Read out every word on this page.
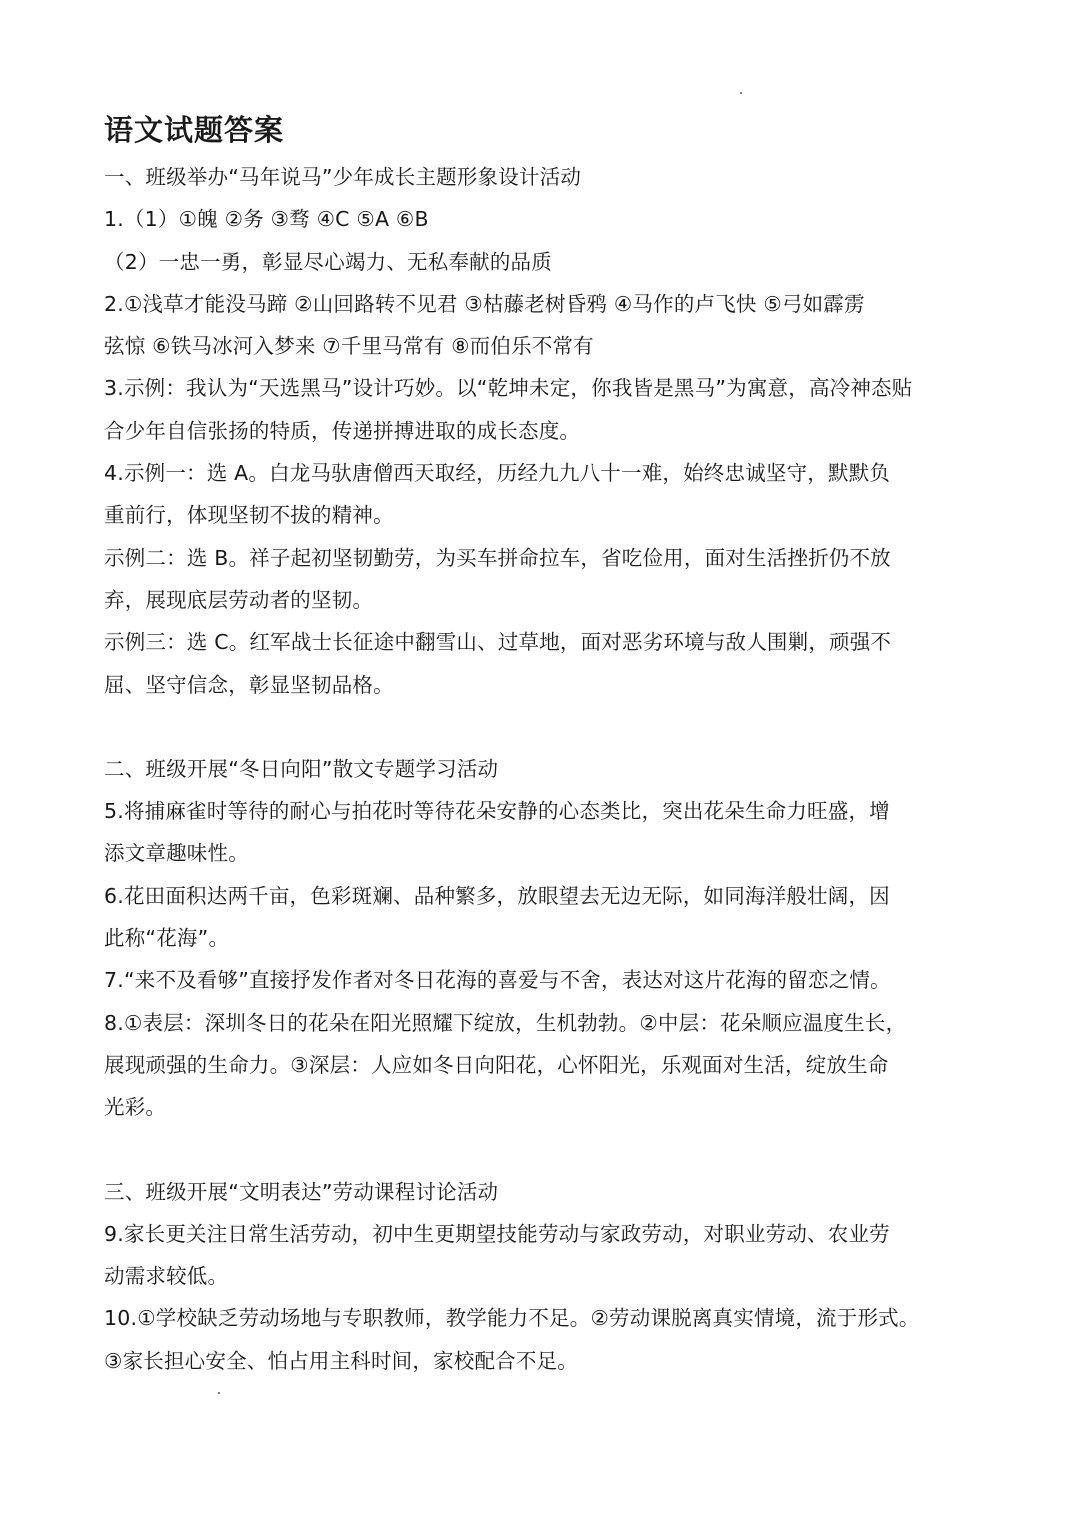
语文试题答案

一、班级举办“马年说马”少年成长主题形象设计活动

1.（1）①魄 ②务 ③骛 ④C ⑤A ⑥B

（2）一忠一勇，彰显尽心竭力、无私奉献的品质

2.①浅草才能没马蹄 ②山回路转不见君 ③枯藤老树昏鸦 ④马作的卢飞快 ⑤弓如霹雳

弦惊 ⑥铁马冰河入梦来 ⑦千里马常有 ⑧而伯乐不常有

3.示例：我认为“天选黑马”设计巧妙。以“乾坤未定，你我皆是黑马”为寓意，高冷神态贴

合少年自信张扬的特质，传递拼搏进取的成长态度。

4.示例一：选 A。白龙马驮唐僧西天取经，历经九九八十一难，始终忠诚坚守，默默负

重前行，体现坚韧不拔的精神。

示例二：选 B。祥子起初坚韧勤劳，为买车拼命拉车，省吃俭用，面对生活挫折仍不放

弃，展现底层劳动者的坚韧。

示例三：选 C。红军战士长征途中翻雪山、过草地，面对恶劣环境与敌人围剿，顽强不

屈、坚守信念，彰显坚韧品格。

二、班级开展“冬日向阳”散文专题学习活动

5.将捕麻雀时等待的耐心与拍花时等待花朵安静的心态类比，突出花朵生命力旺盛，增

添文章趣味性。

6.花田面积达两千亩，色彩斑斓、品种繁多，放眼望去无边无际，如同海洋般壮阔，因

此称“花海”。

7.“来不及看够”直接抒发作者对冬日花海的喜爱与不舍，表达对这片花海的留恋之情。

8.①表层：深圳冬日的花朵在阳光照耀下绽放，生机勃勃。②中层：花朵顺应温度生长，

展现顽强的生命力。③深层：人应如冬日向阳花，心怀阳光，乐观面对生活，绽放生命

光彩。

三、班级开展“文明表达”劳动课程讨论活动

9.家长更关注日常生活劳动，初中生更期望技能劳动与家政劳动，对职业劳动、农业劳

动需求较低。

10.①学校缺乏劳动场地与专职教师，教学能力不足。②劳动课脱离真实情境，流于形式。

③家长担心安全、怕占用主科时间，家校配合不足。
